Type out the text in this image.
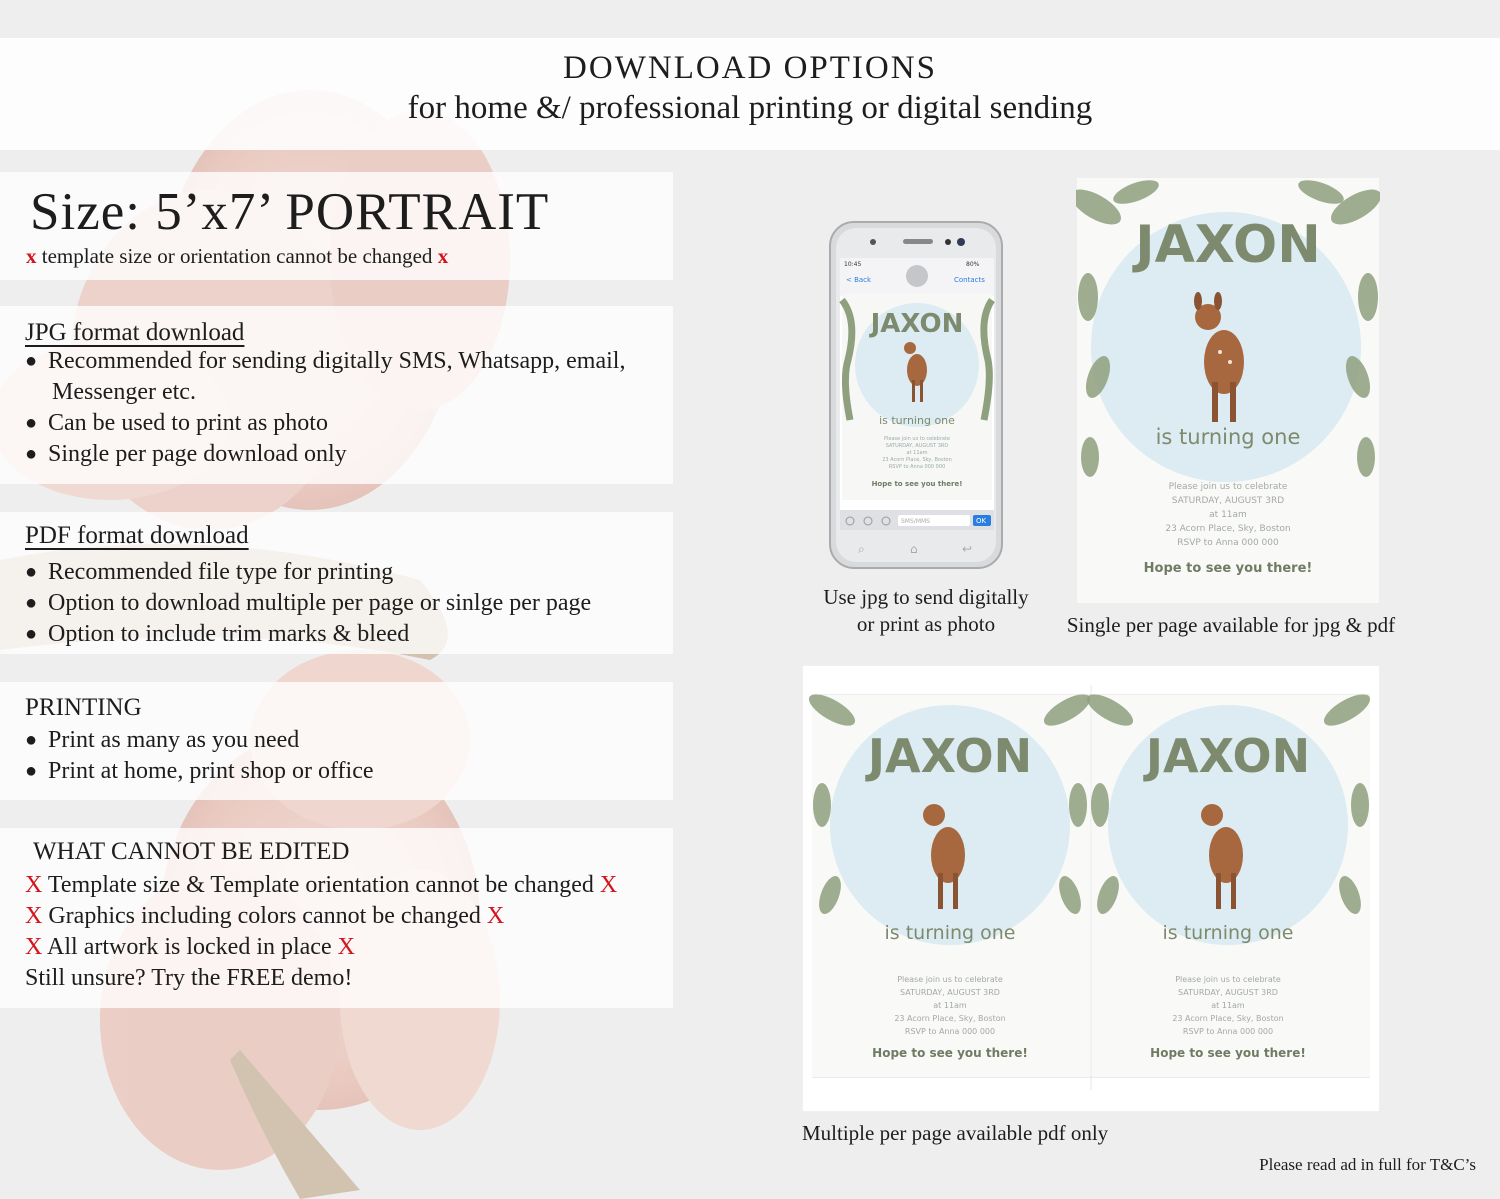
DOWNLOAD OPTIONS
for home &/ professional printing or digital sending
Size: 5’x7’ PORTRAIT
x template size or orientation cannot be changed x
JPG format download
● Recommended for sending digitally SMS, Whatsapp, email,
Messenger etc.
● Can be used to print as photo
● Single per page download only
PDF format download
● Recommended file type for printing
● Option to download multiple per page or sinlge per page
● Option to include trim marks & bleed
PRINTING
● Print as many as you need
● Print at home, print shop or office
WHAT CANNOT BE EDITED
X Template size & Template orientation cannot be changed X
X Graphics including colors cannot be changed X
X All artwork is locked in place X
Still unsure? Try the FREE demo!
10:45	80%
< Back	Contacts
JAXON
is turning one
Please join us to celebrate
SATURDAY, AUGUST 3RD
at 11am
23 Acorn Place, Sky, Boston
RSVP to Anna 000 000
Hope to see you there!
SMS/MMS	OK
⌕	⌂	↩
JAXON
is turning one
Please join us to celebrate
SATURDAY, AUGUST 3RD
at 11am
23 Acorn Place, Sky, Boston
RSVP to Anna 000 000
Hope to see you there!
JAXON
is turning one
Please join us to celebrate
SATURDAY, AUGUST 3RD
at 11am
23 Acorn Place, Sky, Boston
RSVP to Anna 000 000
Hope to see you there!
JAXON
is turning one
Please join us to celebrate
SATURDAY, AUGUST 3RD
at 11am
23 Acorn Place, Sky, Boston
RSVP to Anna 000 000
Hope to see you there!
Use jpg to send digitally
or print as photo	Single per page available for jpg & pdf
Multiple per page available pdf only
Please read ad in full for T&C’s
